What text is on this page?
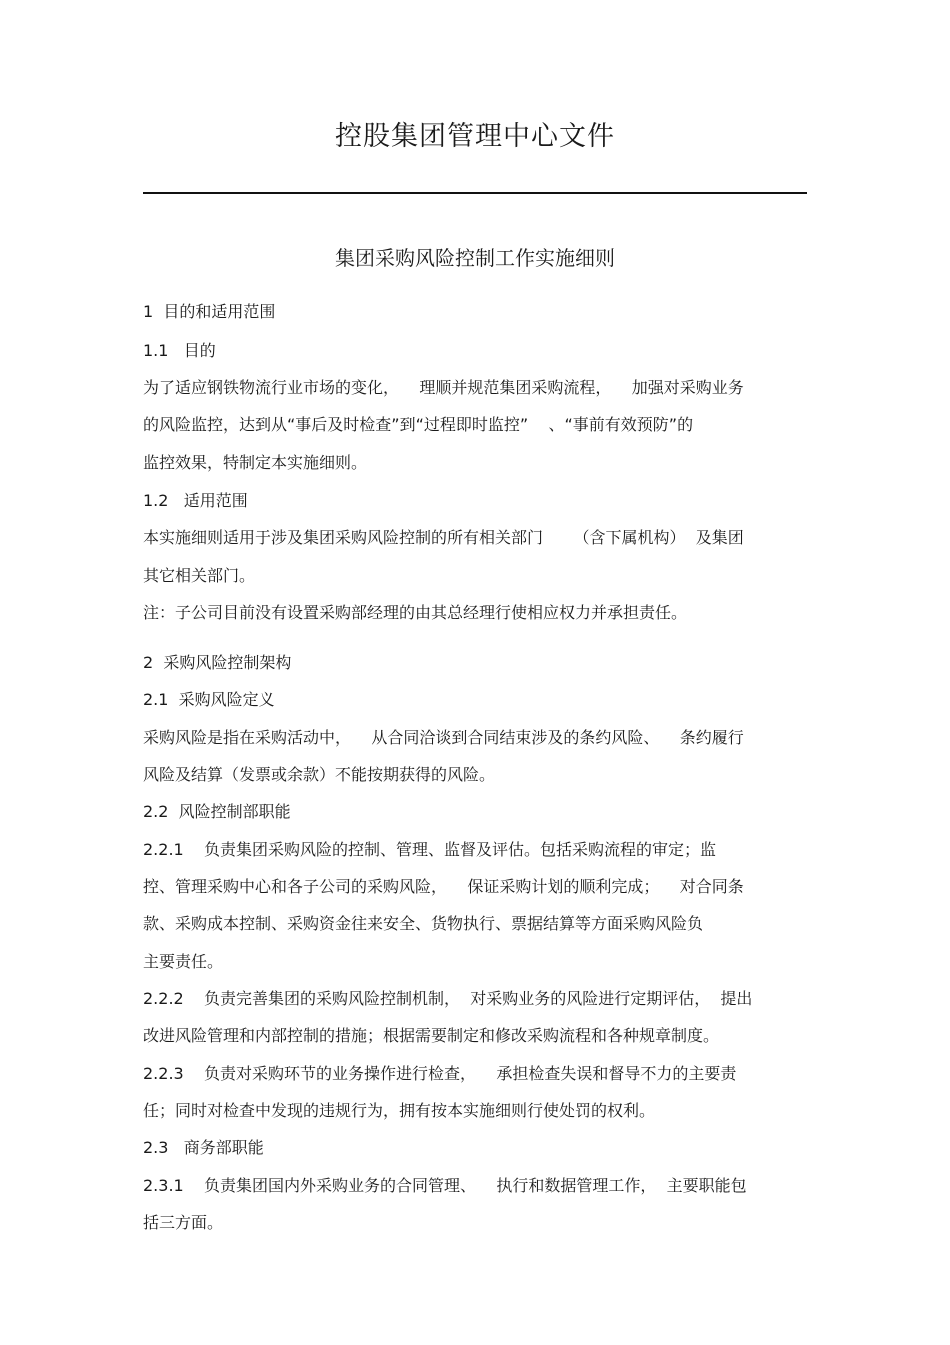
控股集团管理中心文件
集团采购风险控制工作实施细则
1  目的和适用范围
1.1   目的
为了适应钢铁物流行业市场的变化，    理顺并规范集团采购流程，    加强对采购业务
的风险监控，达到从“事后及时检查”到“过程即时监控”    、“事前有效预防”的
监控效果，特制定本实施细则。
1.2   适用范围
本实施细则适用于涉及集团采购风险控制的所有相关部门      （含下属机构）  及集团
其它相关部门。
注：子公司目前没有设置采购部经理的由其总经理行使相应权力并承担责任。
2  采购风险控制架构
2.1  采购风险定义
采购风险是指在采购活动中，    从合同洽谈到合同结束涉及的条约风险、    条约履行
风险及结算（发票或余款）不能按期获得的风险。
2.2  风险控制部职能
2.2.1    负责集团采购风险的控制、管理、监督及评估。包括采购流程的审定；监
控、管理采购中心和各子公司的采购风险，    保证采购计划的顺利完成；    对合同条
款、采购成本控制、采购资金往来安全、货物执行、票据结算等方面采购风险负
主要责任。
2.2.2    负责完善集团的采购风险控制机制，  对采购业务的风险进行定期评估，  提出
改进风险管理和内部控制的措施；根据需要制定和修改采购流程和各种规章制度。
2.2.3    负责对采购环节的业务操作进行检查，    承担检查失误和督导不力的主要责
任；同时对检查中发现的违规行为，拥有按本实施细则行使处罚的权利。
2.3   商务部职能
2.3.1    负责集团国内外采购业务的合同管理、    执行和数据管理工作，  主要职能包
括三方面。
